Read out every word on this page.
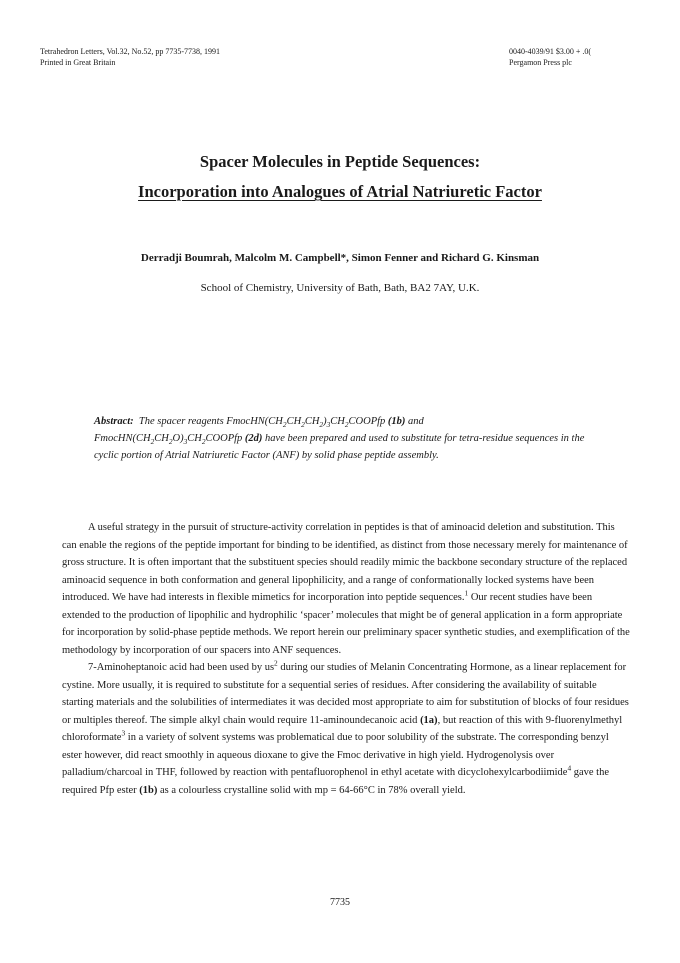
Tetrahedron Letters, Vol.32, No.52, pp 7735-7738, 1991
Printed in Great Britain
0040-4039/91 $3.00 + .0(
Pergamon Press plc
Spacer Molecules in Peptide Sequences:
Incorporation into Analogues of Atrial Natriuretic Factor
Derradji Boumrah, Malcolm M. Campbell*, Simon Fenner and Richard G. Kinsman
School of Chemistry, University of Bath, Bath, BA2 7AY, U.K.
Abstract: The spacer reagents $FmocHN(CH_2CH_2CH_2)_3CH_2COOPfp$ (1b) and
$FmocHN(CH_2CH_2O)_3CH_2COOPfp$ (2d) have been prepared and used to substitute for tetra-residue sequences in the cyclic portion of Atrial Natriuretic Factor (ANF) by solid phase peptide assembly.

A useful strategy in the pursuit of structure-activity correlation in peptides is that of aminoacid deletion and substitution. This can enable the regions of the peptide important for binding to be identified, as distinct from those necessary merely for maintenance of gross structure. It is often important that the substituent species should readily mimic the backbone secondary structure of the replaced aminoacid sequence in both conformation and general lipophilicity, and a range of conformationally locked systems have been introduced. We have had interests in flexible mimetics for incorporation into peptide sequences.$^1$ Our recent studies have been extended to the production of lipophilic and hydrophilic ‘spacer’ molecules that might be of general application in a form appropriate for incorporation by solid-phase peptide methods. We report herein our preliminary spacer synthetic studies, and exemplification of the methodology by incorporation of our spacers into ANF sequences.

7-Aminoheptanoic acid had been used by $us^2$ during our studies of Melanin Concentrating Hormone, as a linear replacement for cystine. More usually, it is required to substitute for a sequential series of residues. After considering the availability of suitable starting materials and the solubilities of intermediates it was decided most appropriate to aim for substitution of blocks of four residues or multiples thereof. The simple alkyl chain would require 11-aminoundecanoic acid (1a), but reaction of this with 9-fluorenylmethyl chloroformate$^3$ in a variety of solvent systems was problematical due to poor solubility of the substrate. The corresponding benzyl ester however, did react smoothly in aqueous dioxane to give the Fmoc derivative in high yield. Hydrogenolysis over palladium/charcoal in THF, followed by reaction with pentafluorophenol in ethyl acetate with dicyclohexylcarbodiimide$^4$ gave the required Pfp ester (1b) as a colourless crystalline solid with mp = 64-66°C in 78% overall yield.

7735
